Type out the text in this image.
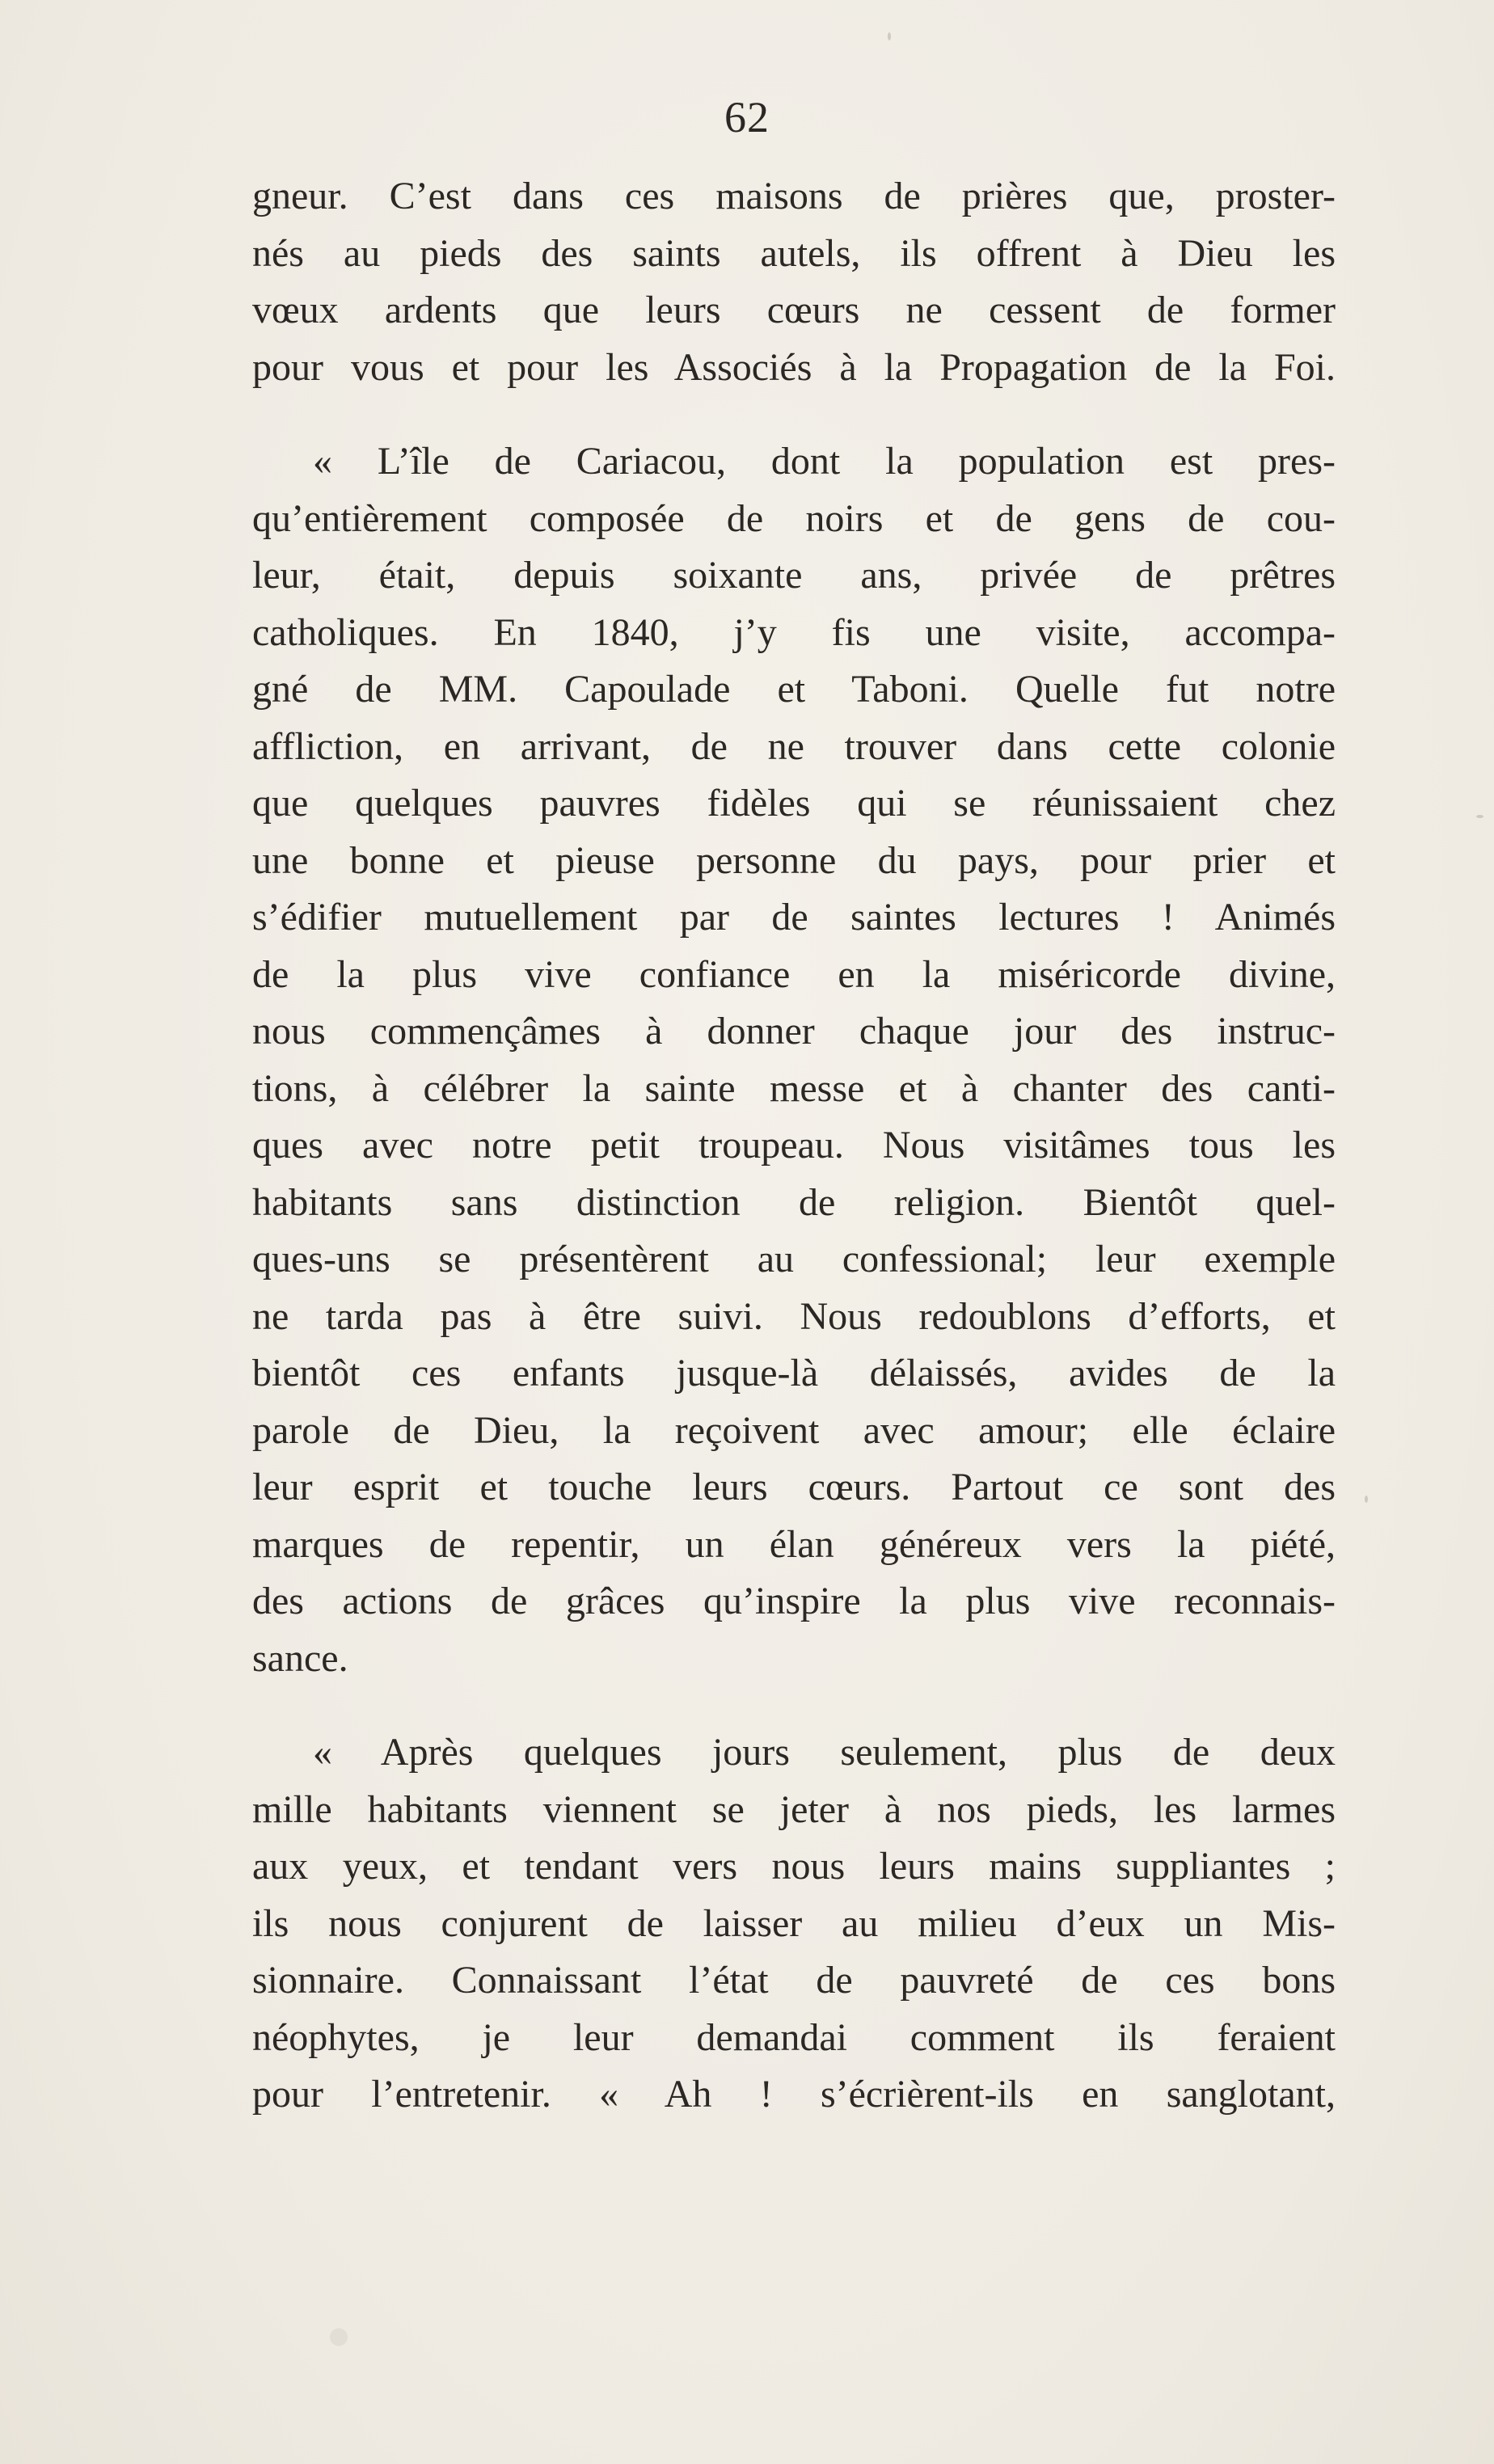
62

gneur. C’est dans ces maisons de prières que, proster-
nés au pieds des saints autels, ils offrent à Dieu les
vœux ardents que leurs cœurs ne cessent de former
pour vous et pour les Associés à la Propagation de la Foi.

« L’île de Cariacou, dont la population est pres-
qu’entièrement composée de noirs et de gens de cou-
leur, était, depuis soixante ans, privée de prêtres
catholiques. En 1840, j’y fis une visite, accompa-
gné de MM. Capoulade et Taboni. Quelle fut notre
affliction, en arrivant, de ne trouver dans cette colonie
que quelques pauvres fidèles qui se réunissaient chez
une bonne et pieuse personne du pays, pour prier et
s’édifier mutuellement par de saintes lectures ! Animés
de la plus vive confiance en la miséricorde divine,
nous commençâmes à donner chaque jour des instruc-
tions, à célébrer la sainte messe et à chanter des canti-
ques avec notre petit troupeau. Nous visitâmes tous les
habitants sans distinction de religion. Bientôt quel-
ques-uns se présentèrent au confessional; leur exemple
ne tarda pas à être suivi. Nous redoublons d’efforts, et
bientôt ces enfants jusque-là délaissés, avides de la
parole de Dieu, la reçoivent avec amour; elle éclaire
leur esprit et touche leurs cœurs. Partout ce sont des
marques de repentir, un élan généreux vers la piété,
des actions de grâces qu’inspire la plus vive reconnais-
sance.

« Après quelques jours seulement, plus de deux
mille habitants viennent se jeter à nos pieds, les larmes
aux yeux, et tendant vers nous leurs mains suppliantes ;
ils nous conjurent de laisser au milieu d’eux un Mis-
sionnaire. Connaissant l’état de pauvreté de ces bons
néophytes, je leur demandai comment ils feraient
pour l’entretenir. « Ah ! s’écrièrent-ils en sanglotant,
